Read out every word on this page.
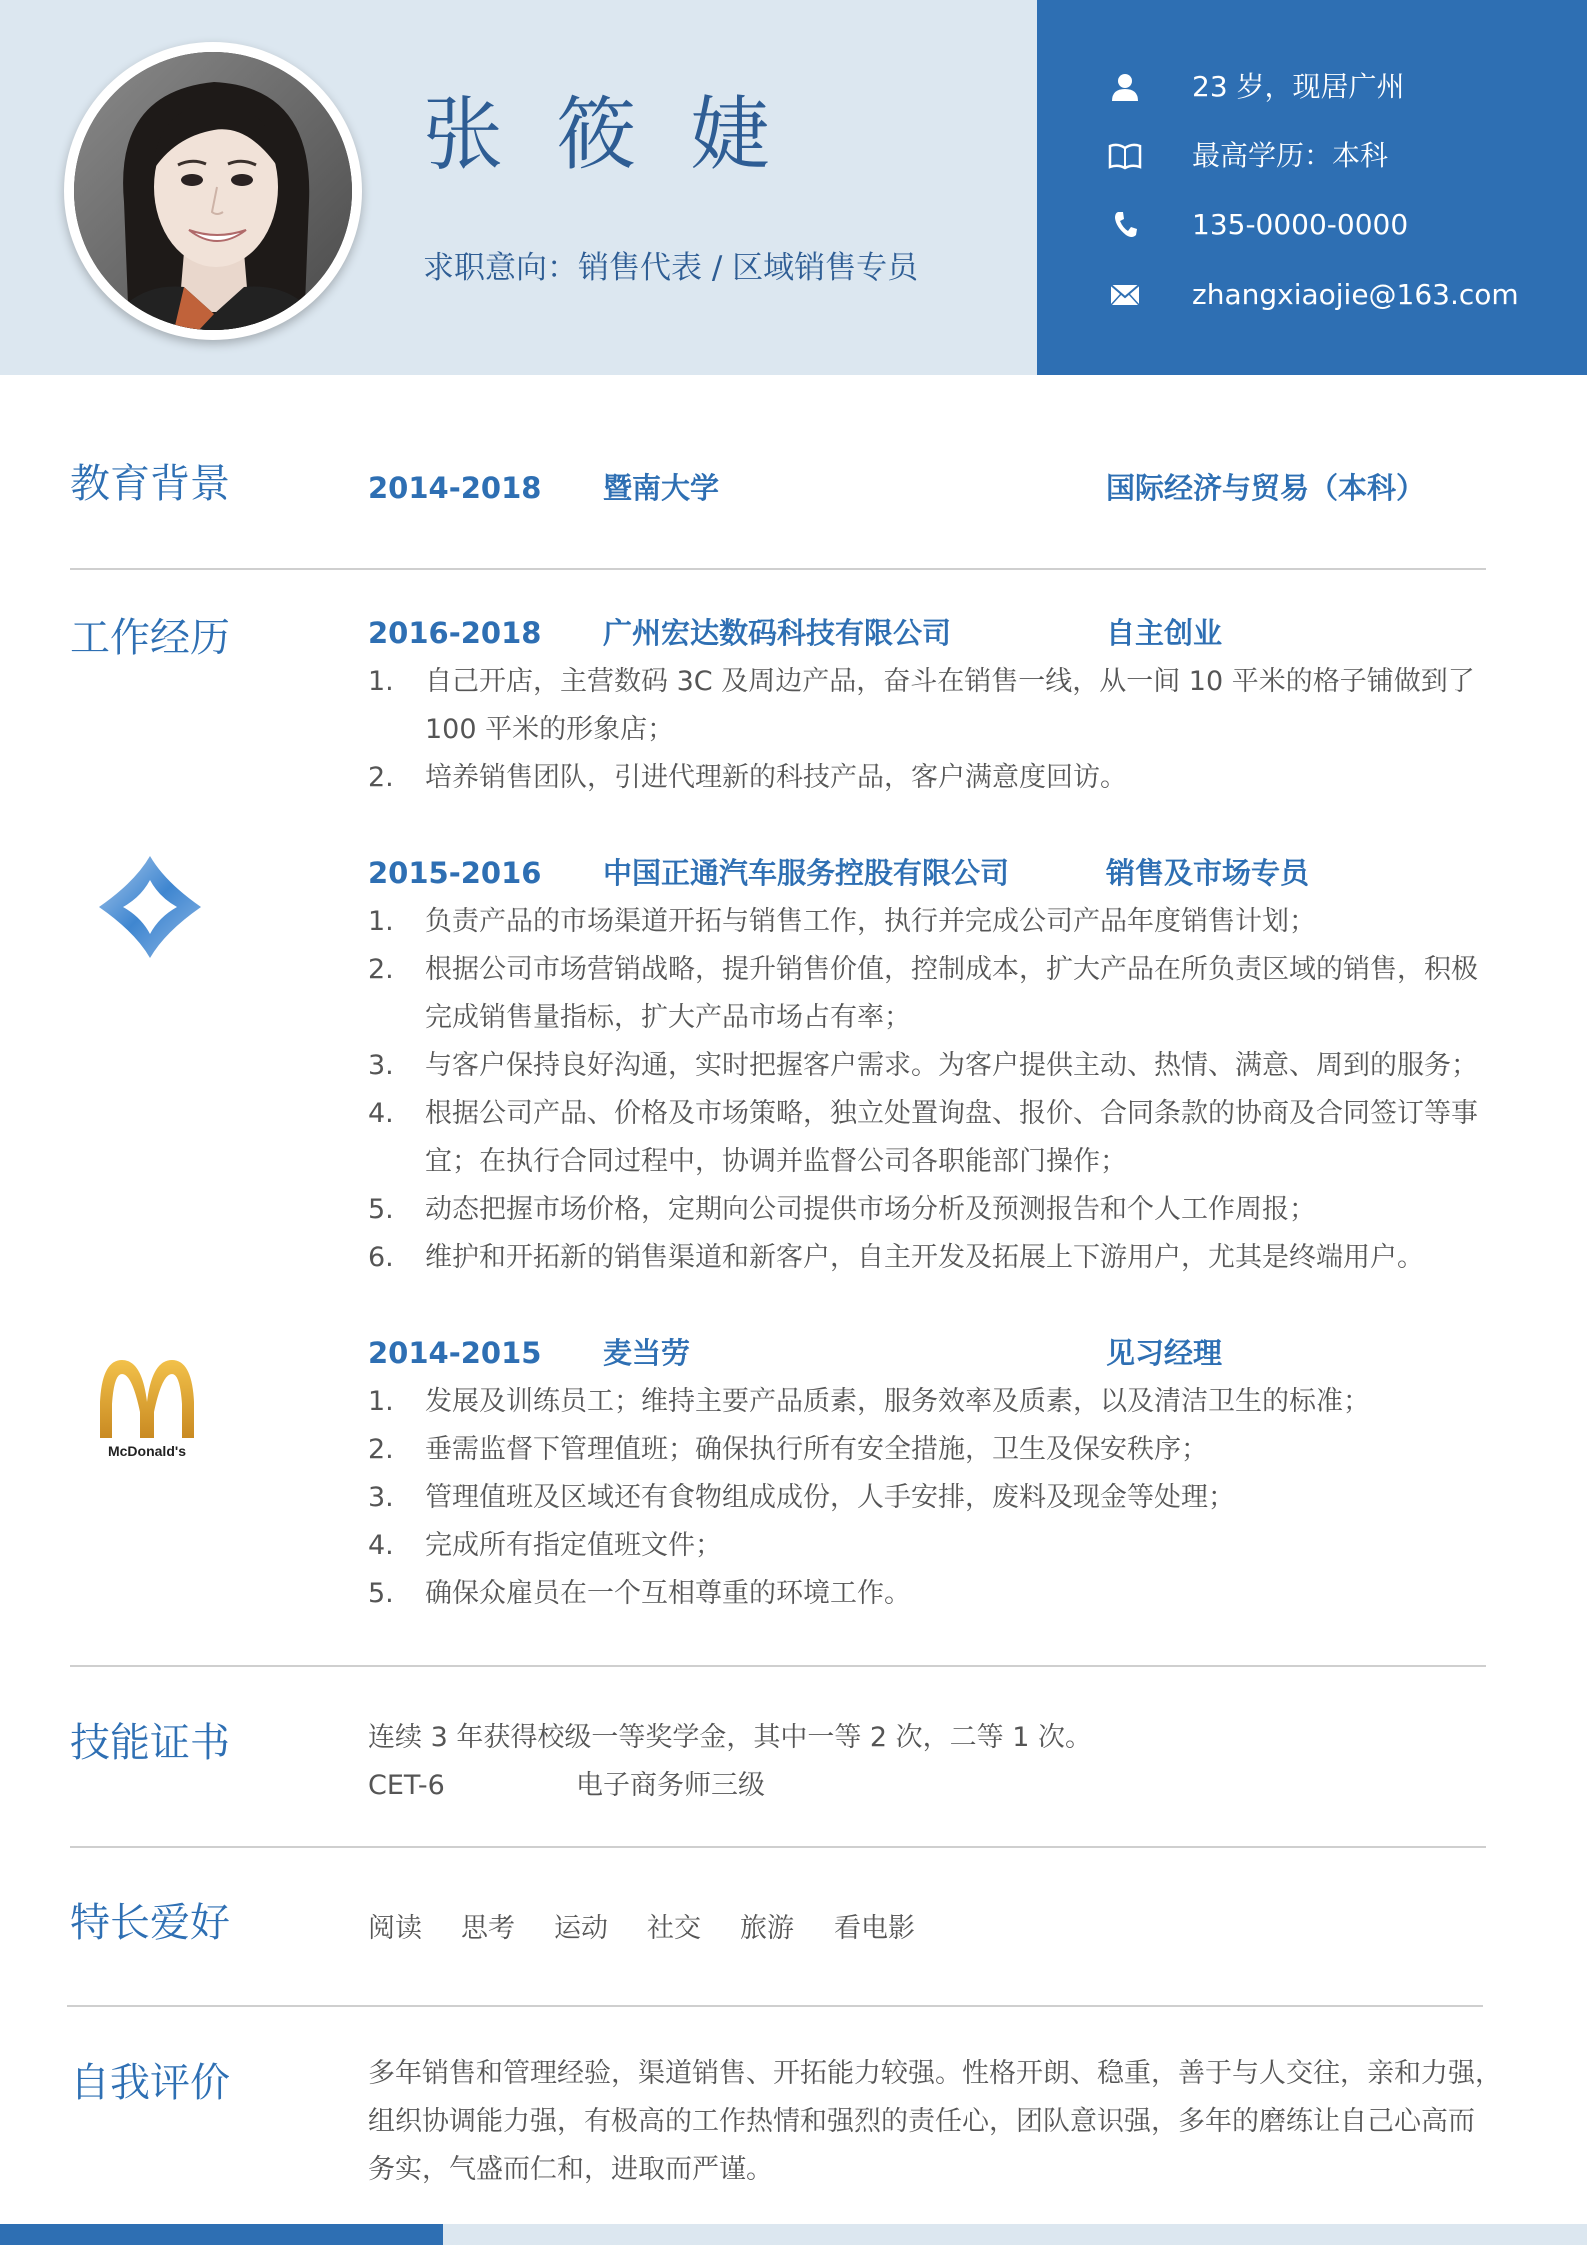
张 筱 婕
求职意向：销售代表 / 区域销售专员
23 岁，现居广州
最高学历：本科
135-0000-0000
zhangxiaojie@163.com
教育背景	2014-2018 暨南大学	国际经济与贸易（本科）
工作经历	2016-2018 广州宏达数码科技有限公司	自主创业
1.	自己开店，主营数码 3C 及周边产品，奋斗在销售一线，从一间 10 平米的格子铺做到了 100 平米的形象店；
2.	培养销售团队，引进代理新的科技产品，客户满意度回访。
2015-2016 中国正通汽车服务控股有限公司	销售及市场专员
1.	负责产品的市场渠道开拓与销售工作，执行并完成公司产品年度销售计划；
2.	根据公司市场营销战略，提升销售价值，控制成本，扩大产品在所负责区域的销售，积极完成销售量指标，扩大产品市场占有率；
3.	与客户保持良好沟通，实时把握客户需求。为客户提供主动、热情、满意、周到的服务；
4.	根据公司产品、价格及市场策略，独立处置询盘、报价、合同条款的协商及合同签订等事宜；在执行合同过程中，协调并监督公司各职能部门操作；
5.	动态把握市场价格，定期向公司提供市场分析及预测报告和个人工作周报；
6.	维护和开拓新的销售渠道和新客户，自主开发及拓展上下游用户，尤其是终端用户。
McDonald's
2014-2015 麦当劳	见习经理
1.	发展及训练员工；维持主要产品质素，服务效率及质素，以及清洁卫生的标准；
2.	垂需监督下管理值班；确保执行所有安全措施，卫生及保安秩序；
3.	管理值班及区域还有食物组成成份，人手安排，废料及现金等处理；
4.	完成所有指定值班文件；
5.	确保众雇员在一个互相尊重的环境工作。
技能证书	连续 3 年获得校级一等奖学金，其中一等 2 次，二等 1 次。
CET-6	电子商务师三级
特长爱好	阅读 思考 运动 社交 旅游 看电影
自我评价	多年销售和管理经验，渠道销售、开拓能力较强。性格开朗、稳重，善于与人交往，亲和力强，
组织协调能力强，有极高的工作热情和强烈的责任心，团队意识强，多年的磨练让自己心高而
务实，气盛而仁和，进取而严谨。
